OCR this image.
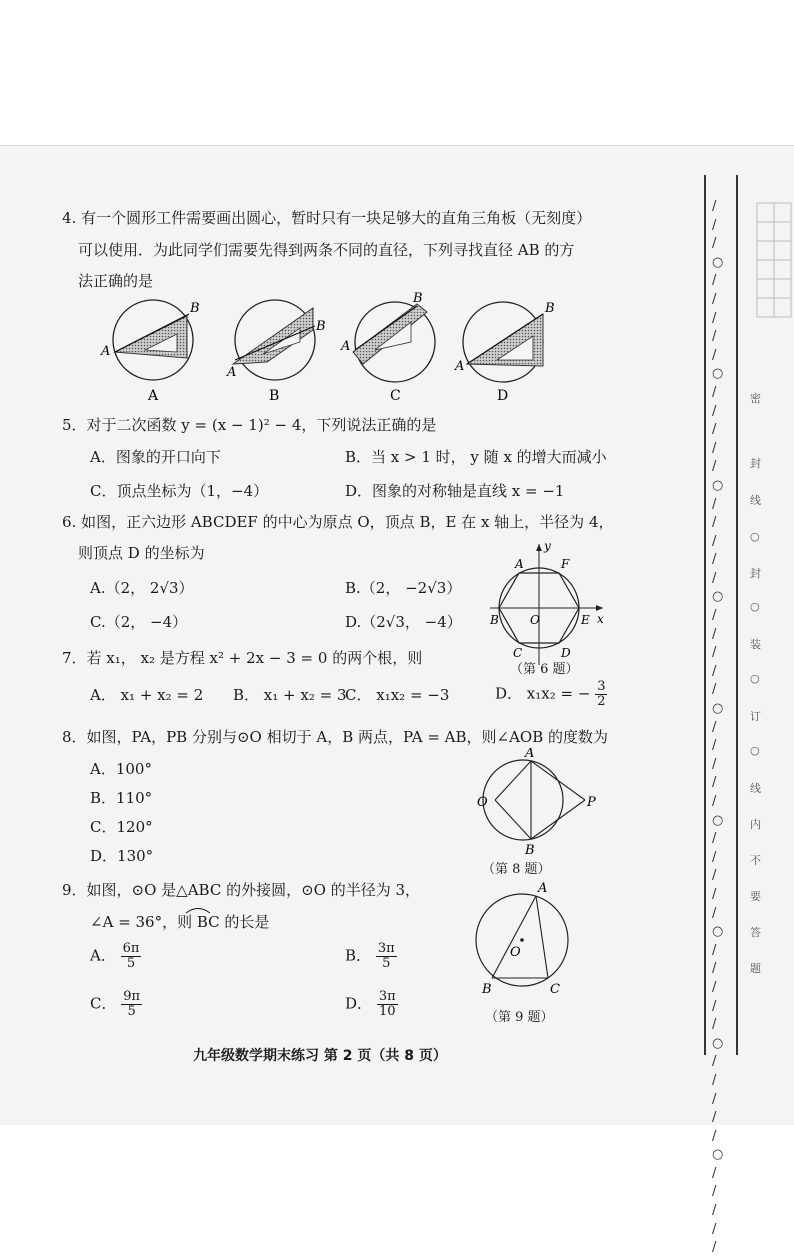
4. 有一个圆形工件需要画出圆心，暂时只有一块足够大的直角三角板（无刻度）
可以使用．为此同学们需要先得到两条不同的直径，下列寻找直径 AB 的方
法正确的是
A
B
A
A
B
B
A
B
C
A
B
D
5．对于二次函数 y = (x − 1)² − 4，下列说法正确的是
A．图象的开口向下	B．当 x > 1 时， y 随 x 的增大而减小
C．顶点坐标为（1，−4）	D．图象的对称轴是直线 x = −1
6. 如图，正六边形 ABCDEF 的中心为原点 O，顶点 B，E 在 x 轴上，半径为 4，
则顶点 D 的坐标为
A.（2， 2√3）	B.（2， −2√3）
C.（2， −4）	D.（2√3， −4）
y
x
A	F
B	O	E
C	D
（第 6 题）
7．若 x₁， x₂ 是方程 x² + 2x − 3 = 0 的两个根，则
A． x₁ + x₂ = 2 B． x₁ + x₂ = 3
C． x₁x₂ = −3	D． x₁x₂ = − $\frac{3}{2}$
8．如图，PA，PB 分别与⊙O 相切于 A，B 两点，PA = AB，则∠AOB 的度数为
A．100°
B．110°
C．120°
D．130°
O
A
B
P
（第 8 题）
9．如图，⊙O 是△ABC 的外接圆，⊙O 的半径为 3，
∠A = 36°，则 BC 的长是
A． $\frac{6\pi}{5}$	B． $\frac{3\pi}{5}$
C． $\frac{9\pi}{5}$	D． $\frac{3\pi}{10}$
A
O
B	C
（第 9 题）
九年级数学期末练习 第 2 页（共 8 页）
/ / / ○ / / / / / ○ / / / / / ○ / / / / / ○ / / / / / ○ / / / / / ○ / / / / / ○ / / / / / ○ / / / / / ○ / / / / /
密
封
线
○
封
○
装
○
订
○
线
内
不
要
答
题
